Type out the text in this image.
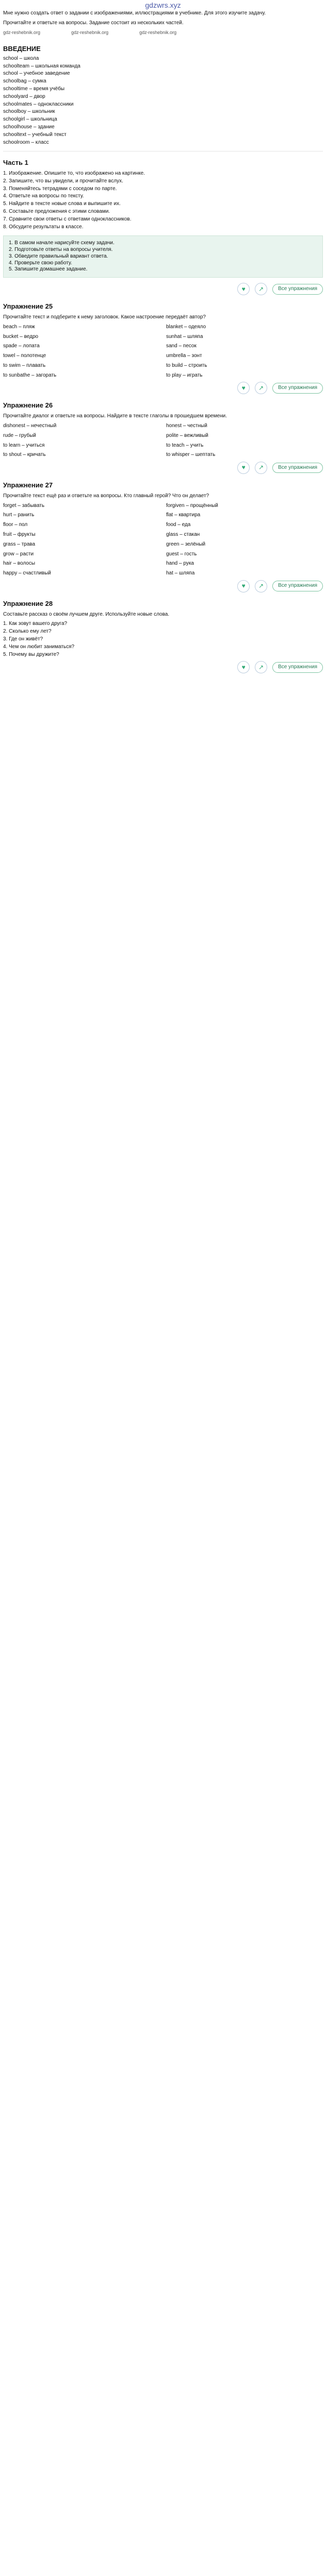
gdzwrs.xyz

Мне нужно создать ответ о задании с изображениями, иллюстрациями в учебнике. Для этого изучите задачу.

Прочитайте и ответьте на вопросы. Задание состоит из нескольких частей.

gdz-reshebnik.org	gdz-reshebnik.org	gdz-reshebnik.org
ВВЕДЕНИЕ
school – школа
schoolteam – школьная команда
school – учебное заведение
schoolbag – сумка
schooltime – время учёбы
schoolyard – двор
schoolmates – одноклассники
schoolboy – школьник
schoolgirl – школьница
schoolhouse – здание
schooltext – учебный текст
schoolroom – класс
Часть 1
1. Изображение. Опишите то, что изображено на картинке.
2. Запишите, что вы увидели, и прочитайте вслух.
3. Поменяйтесь тетрадями с соседом по парте.
4. Ответьте на вопросы по тексту.
5. Найдите в тексте новые слова и выпишите их.
6. Составьте предложения с этими словами.
7. Сравните свои ответы с ответами одноклассников.
8. Обсудите результаты в классе.
1. В самом начале нарисуйте схему задачи.
2. Подготовьте ответы на вопросы учителя.
3. Обведите правильный вариант ответа.
4. Проверьте свою работу.
5. Запишите домашнее задание.
♥	↗	Все упражнения
Упражнение 25

Прочитайте текст и подберите к нему заголовок. Какое настроение передаёт автор?

beach – пляж	blanket – одеяло
bucket – ведро	sunhat – шляпа
spade – лопата	sand – песок
towel – полотенце	umbrella – зонт
to swim – плавать	to build – строить
to sunbathe – загорать	to play – играть
♥	↗	Все упражнения
Упражнение 26

Прочитайте диалог и ответьте на вопросы. Найдите в тексте глаголы в прошедшем времени.

dishonest – нечестный	honest – честный
rude – грубый	polite – вежливый
to learn – учиться	to teach – учить
to shout – кричать	to whisper – шептать
♥	↗	Все упражнения
Упражнение 27

Прочитайте текст ещё раз и ответьте на вопросы. Кто главный герой? Что он делает?

forget – забывать	forgiven – прощённый
hurt – ранить	flat – квартира
floor – пол	food – еда
fruit – фрукты	glass – стакан
grass – трава	green – зелёный
grow – расти	guest – гость
hair – волосы	hand – рука
happy – счастливый	hat – шляпа
♥	↗	Все упражнения
Упражнение 28

Составьте рассказ о своём лучшем друге. Используйте новые слова.

1. Как зовут вашего друга?
2. Сколько ему лет?
3. Где он живёт?
4. Чем он любит заниматься?
5. Почему вы дружите?
♥	↗	Все упражнения
